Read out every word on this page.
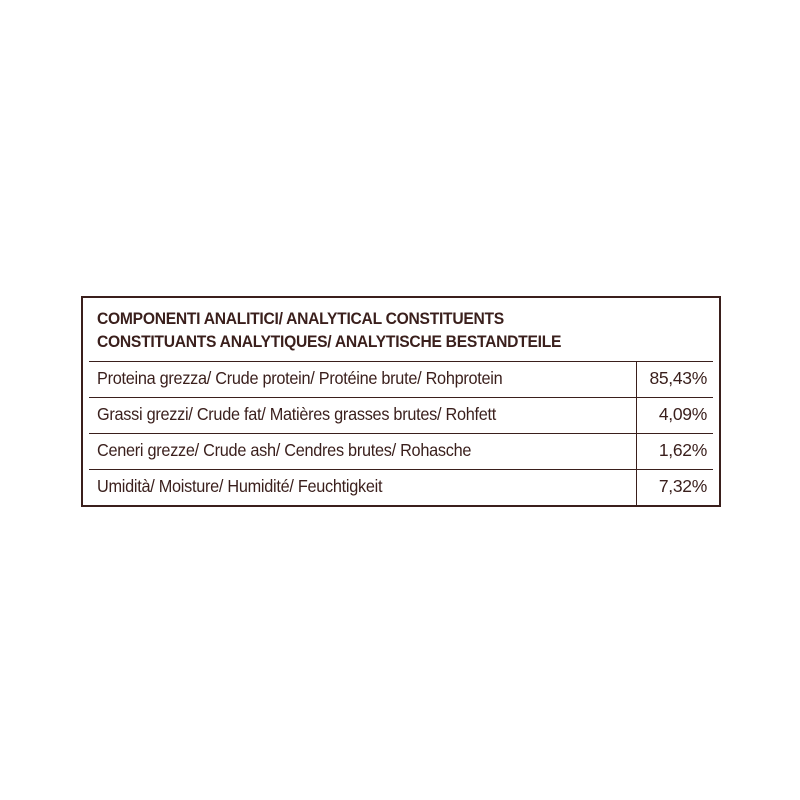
COMPONENTI ANALITICI/ ANALYTICAL CONSTITUENTS
CONSTITUANTS ANALYTIQUES/ ANALYTISCHE BESTANDTEILE
Proteina grezza/ Crude protein/ Protéine brute/ Rohprotein	85,43%
Grassi grezzi/ Crude fat/ Matières grasses brutes/ Rohfett	4,09%
Ceneri grezze/ Crude ash/ Cendres brutes/ Rohasche	1,62%
Umidità/ Moisture/ Humidité/ Feuchtigkeit	7,32%
